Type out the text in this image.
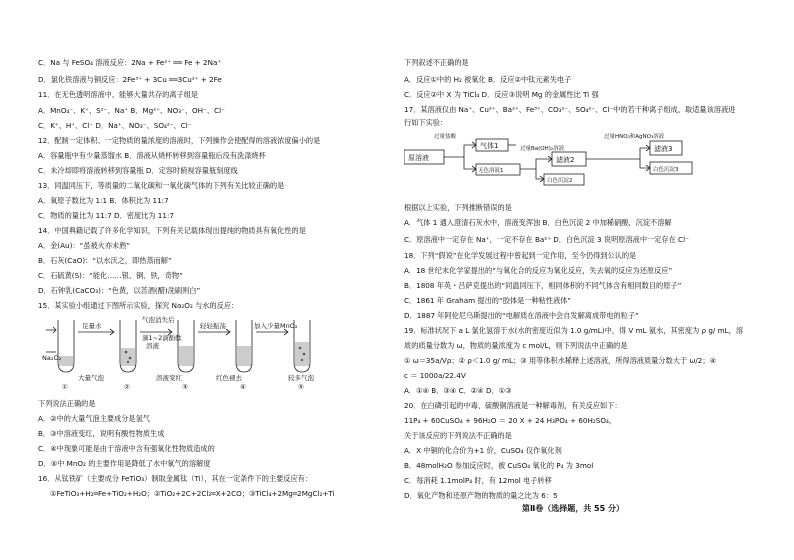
C．Na 与 FeSO₄ 溶液反应：2Na + Fe²⁺ ══ Fe + 2Na⁺
D．氯化铁溶液与铜反应：2Fe³⁺ + 3Cu ══3Cu²⁺ + 2Fe
11．在无色透明溶液中，能够大量共存的离子组是
A．MnO₄⁻、K⁺、S²⁻、Na⁺ B．Mg²⁺、NO₃⁻、OH⁻、Cl⁻
C．K⁺、H⁺、Cl⁻ D．Na⁺、NO₃⁻、SO₄²⁻、Cl⁻
12．配制一定体积、一定物质的量浓度的溶液时，下列操作会使配得的溶液浓度偏小的是
A．容量瓶中有少量蒸馏水 B．溶液从烧杯转移到容量瓶后没有洗涤烧杯
C．未冷却即将溶液转移到容量瓶 D．定容时俯视容量瓶刻度线
13．同温同压下，等质量的二氧化碳和一氧化碳气体的下列有关比较正确的是
A．氧原子数比为 1:1 B．体积比为 11:7
C．物质的量比为 11:7 D．密度比为 11:7
14．中国典籍记载了许多化学知识，下列有关记载体现出提纯的物质具有氧化性的是
A．金(Au)：“虽被火亦未熟”
B．石灰(CaO)：“以水沃之，即热蒸而解”
C．石硫黄(S)：“能化……银、铜、铁，奇物”
D．石钟乳(CaCO₃)：“色黄，以苦酒(醋)洗刷则白”
15．某实验小组通过下图所示实验，探究 Na₂O₂ 与水的反应：
足量水
Na₂O₂
大量气泡
气泡消失后
滴1~2滴酚酞
溶液
轻轻振荡	加入少量MnO₂
溶液变红	红色褪去	较多气泡
①	②	③	④	⑤
下列说法正确的是
A．②中的大量气泡主要成分是氢气
B．③中溶液变红，说明有酸性物质生成
C．④中现象可能是由于溶液中含有强氧化性物质造成的
D．⑤中 MnO₂ 的主要作用是降低了水中氧气的溶解度
16．从钛铁矿（主要成分 FeTiO₃）制取金属钛（Ti），其在一定条件下的主要反应有：
①FeTiO₃+H₂═Fe+TiO₂+H₂O；②TiO₂+2C+2Cl₂═X+2CO；③TiCl₄+2Mg═2MgCl₂+Ti
下列叙述不正确的是
A．反应①中的 H₂ 被氧化 B．反应②中钛元素失电子
C．反应②中 X 为 TiCl₄ D．反应③说明 Mg 的金属性比 Ti 强
17．某溶液仅由 Na⁺、Cu²⁺、Ba²⁺、Fe³⁺、CO₃²⁻、SO₄²⁻、Cl⁻中的若干种离子组成，取适量该溶液进
行如下实验：
过量盐酸
原溶液
气体1	过量Ba(OH)₂溶液
无色溶液1
滤液2
过量HNO₃和AgNO₃溶液
滤液3
白色沉淀2
白色沉淀3
根据以上实验，下列推断错误的是
A．气体 1 通入澄清石灰水中，溶液变浑浊 B．白色沉淀 2 中加稀硝酸，沉淀不溶解
C．原溶液中一定存在 Na⁺，一定不存在 Ba²⁺ D．白色沉淀 3 说明原溶液中一定存在 Cl⁻
18．下列“假说”在化学发展过程中曾起到一定作用，至今仍得到公认的是
A．18 世纪末化学家提出的“与氧化合的反应为氧化反应，失去氧的反应为还原反应”
B．1808 年英・吕萨克提出的“同温同压下，相同体积的不同气体含有相同数目的原子”
C．1861 年 Graham 提出的“胶体是一种粘性液体”
D．1887 年阿伦尼乌斯提出的“电解质在溶液中会自发解离成带电的粒子”
19．标准状况下 a L 氯化氢溶于水(水的密度近似为 1.0 g/mL)中，得 V mL 氨水，其密度为 ρ g/ mL，溶
质的质量分数为 ω，物质的量浓度为 c mol/L，则下列说法中正确的是
① ω＝35a/Vρ；② ρ＜1.0 g/ mL；③ 用等体积水稀释上述溶液，所得溶液质量分数大于 ω/2；④
c ＝ 1000a/22.4V
A．①④ B．③④ C．②④ D．①③
20．在白磷引起的中毒，硫酸铜溶液是一种解毒剂，有关反应如下：
11P₄ + 60CuSO₄ + 96H₂O ＝ 20 X + 24 H₃PO₄ + 60H₂SO₄，
关于该反应的下列说法不正确的是
A．X 中铜的化合价为+1 价，CuSO₄ 仅作氧化剂
B．48molH₂O 参加反应时，被 CuSO₄ 氧化的 P₄ 为 3mol
C．每消耗 1.1molP₄ 时，有 12mol 电子转移
D．氧化产物和还原产物的物质的量之比为 6：5
第Ⅱ卷（选择题，共 55 分）
